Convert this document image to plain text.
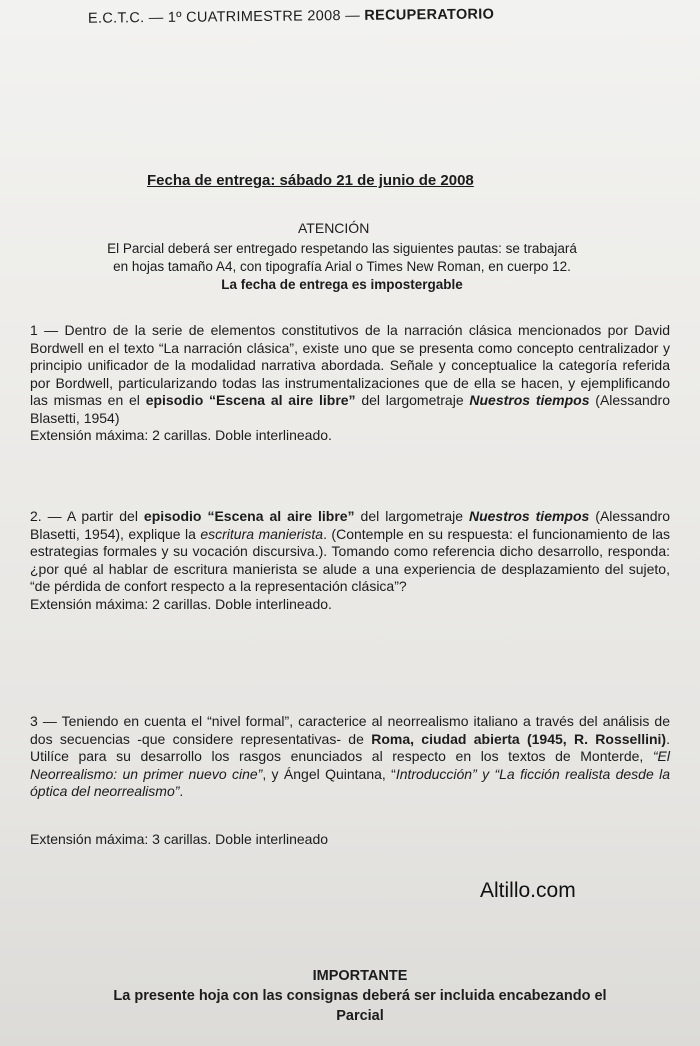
E.C.T.C. — 1º CUATRIMESTRE 2008 — RECUPERATORIO
Fecha de entrega: sábado 21 de junio de 2008
ATENCIÓN
El Parcial deberá ser entregado respetando las siguientes pautas: se trabajará
en hojas tamaño A4, con tipografía Arial o Times New Roman, en cuerpo 12.
La fecha de entrega es impostergable
1 — Dentro de la serie de elementos constitutivos de la narración clásica mencionados por David Bordwell en el texto “La narración clásica”, existe uno que se presenta como concepto centralizador y principio unificador de la modalidad narrativa abordada. Señale y conceptualice la categoría referida por Bordwell, particularizando todas las instrumentalizaciones que de ella se hacen, y ejemplificando las mismas en el episodio “Escena al aire libre” del largometraje Nuestros tiempos (Alessandro Blasetti, 1954)
Extensión máxima: 2 carillas. Doble interlineado.
2. — A partir del episodio “Escena al aire libre” del largometraje Nuestros tiempos (Alessandro Blasetti, 1954), explique la escritura manierista. (Contemple en su respuesta: el funcionamiento de las estrategias formales y su vocación discursiva.). Tomando como referencia dicho desarrollo, responda: ¿por qué al hablar de escritura manierista se alude a una experiencia de desplazamiento del sujeto, “de pérdida de confort respecto a la representación clásica”?
Extensión máxima: 2 carillas. Doble interlineado.
3 — Teniendo en cuenta el “nivel formal”, caracterice al neorrealismo italiano a través del análisis de dos secuencias -que considere representativas- de Roma, ciudad abierta (1945, R. Rossellini). Utilíce para su desarrollo los rasgos enunciados al respecto en los textos de Monterde, “El Neorrealismo: un primer nuevo cine”, y Ángel Quintana, “Introducción” y “La ficción realista desde la óptica del neorrealismo”.
Extensión máxima: 3 carillas. Doble interlineado
Altillo.com
IMPORTANTE
La presente hoja con las consignas deberá ser incluida encabezando el
Parcial
